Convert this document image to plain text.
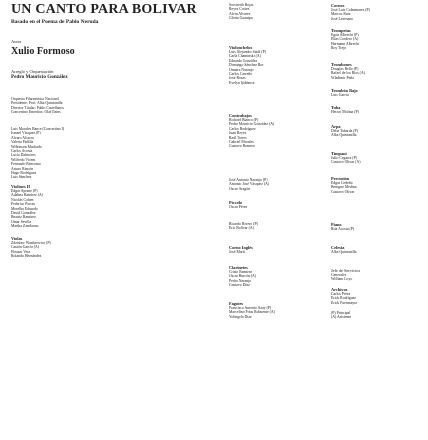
UN CANTO PARA BOLIVAR
Basado en el Poema de Pablo Neruda
Autor
Xulio Formoso
Arreglo y Orquestación
Pedro Mauricio González
Orquesta Filarmónica Nacional
Presidente: Prof. Alba Quintanilla
Director Titular: Pablo Castellanos
Concertino Emeritus: Olaf Ilzins
Luis Morales Bance (Concertino I)
Ismael Vásquez (P)
Álvaro Alcarra
Valeria Padilla
Wilkinson Machado
Carlos Acosta
Lucía Dalmoros
Wilfredo Vicent
Fernando Bencomo
Arturo Rincón
Hugo Rodríguez
Luis Sánchez
Violines II
Edgar Aponte (P)
Adalina Ramírez (A)
Nicolás Cohen
Federico Porras
Morelba Eduardo
David González
Beatriz Ramírez
Omar Sevilla
Martha Zambrano
Violas
Zdzislaw Wasikiewicz (P)
Gastón García (A)
Eleazar Vera
Rolando Hernández
Sorsiretth Rojas
Reyes Cortez
Alvin Alvarez
Gloria Guanipa
Violonchelos
Luis Alejandro Saidi (P)
Carla Chaminski (A)
Eduardo González
Domingo Sánchez Bor
Omaira Naranjo
Carlos Carreño
José Rosas
Evelyn Ijabherra
Contrabajos
Richard Blanco (P)
Pedro Mauricio González (A)
Carlos Rodríguez
Juan Reyes
Raúl Torres
Gabriel Morales
Gustavo Romero
José Antonio Naranjo (P)
Antonio José Vásquez (A)
Oscar Aragón
Piccolo
Oscar Pérez
Ricardo Rivero (P)
Eric Bolívar (A)
Corno Inglés
José Martí
Clarinetes
Cristo Ramírez
Oscar Rincón (A)
Pedro Naranjo
Gustavo Díaz
Fagotes
Francisco Antonio Azay (P)
Marcelino Frías Robuente (A)
Yolingela Díaz
Cornos
José Luis Colmenares (P)
Marcos Ruiz
José Lavesano
Trompetas
Egon Albrecht (P)
Elías Cordero (A)
Hermann Albrecht
Roy Trejo
Trombones
Douglas Bello (P)
Rafael de los Ríos (A)
Wladimir Peña
Trombón Bajo
Luis García
Tuba
Héctor Molina (P)
Arpa
Delia Tabarda (P)
Alba Quintanilla
Timpani
Julio Cegarra (P)
Gustavo Olivar (A)
Percusión
Edgar Cedeño
Benigno Medina
Gustavo Olivar
Piano
Rita Acosta (P)
Celesta
Alba Quintanilla
Jefe de Servicios
Generales
William Loyo
Archivos
Carlos Pérez
Erick Rodríguez
Erick Fuenmayor
(P) Principal
(A) Asistente
